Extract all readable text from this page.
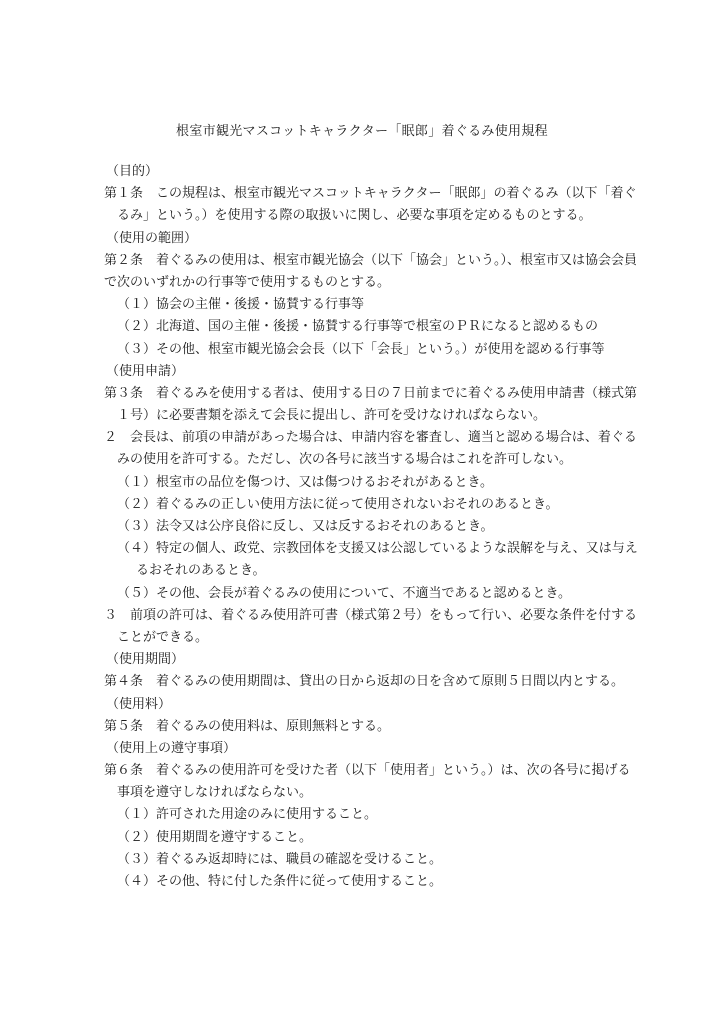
根室市観光マスコットキャラクター「眠郎」着ぐるみ使用規程
（目的）
第１条　この規程は、根室市観光マスコットキャラクター「眠郎」の着ぐるみ（以下「着ぐ
るみ」という。）を使用する際の取扱いに関し、必要な事項を定めるものとする。
（使用の範囲）
第２条　着ぐるみの使用は、根室市観光協会（以下「協会」という。）、根室市又は協会会員
で次のいずれかの行事等で使用するものとする。
（１）協会の主催・後援・協賛する行事等
（２）北海道、国の主催・後援・協賛する行事等で根室のＰＲになると認めるもの
（３）その他、根室市観光協会会長（以下「会長」という。）が使用を認める行事等
（使用申請）
第３条　着ぐるみを使用する者は、使用する日の７日前までに着ぐるみ使用申請書（様式第
１号）に必要書類を添えて会長に提出し、許可を受けなければならない。
２　会長は、前項の申請があった場合は、申請内容を審査し、適当と認める場合は、着ぐる
みの使用を許可する。ただし、次の各号に該当する場合はこれを許可しない。
（１）根室市の品位を傷つけ、又は傷つけるおそれがあるとき。
（２）着ぐるみの正しい使用方法に従って使用されないおそれのあるとき。
（３）法令又は公序良俗に反し、又は反するおそれのあるとき。
（４）特定の個人、政党、宗教団体を支援又は公認しているような誤解を与え、又は与え
るおそれのあるとき。
（５）その他、会長が着ぐるみの使用について、不適当であると認めるとき。
３　前項の許可は、着ぐるみ使用許可書（様式第２号）をもって行い、必要な条件を付する
ことができる。
（使用期間）
第４条　着ぐるみの使用期間は、貸出の日から返却の日を含めて原則５日間以内とする。
（使用料）
第５条　着ぐるみの使用料は、原則無料とする。
（使用上の遵守事項）
第６条　着ぐるみの使用許可を受けた者（以下「使用者」という。）は、次の各号に掲げる
事項を遵守しなければならない。
（１）許可された用途のみに使用すること。
（２）使用期間を遵守すること。
（３）着ぐるみ返却時には、職員の確認を受けること。
（４）その他、特に付した条件に従って使用すること。
